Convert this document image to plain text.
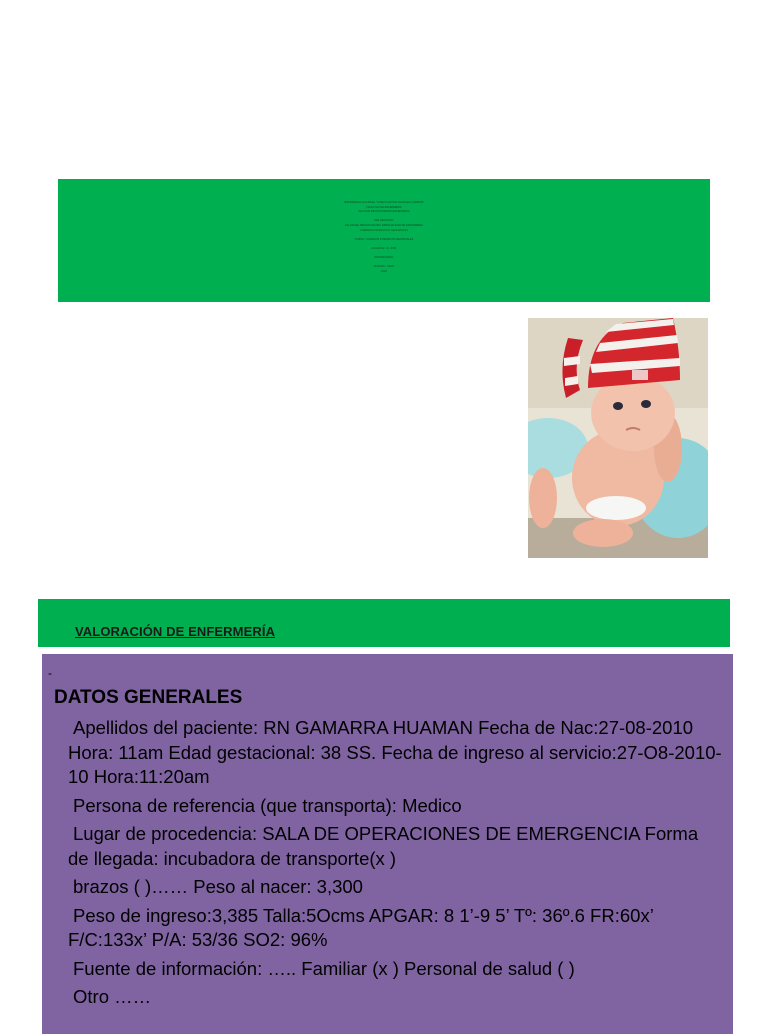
UNIVERSIDAD NACIONAL "JOSE FAUSTINO SANCHEZ CARRION"
FACULTAD DE ENFERMERIA
SECCION DE POSTGRADO ENFERMERIA

PAE NEONATAL
SALUD DEL RECIEN NACIDO: ESPECIALIDAD DE ENFERMERIA
CUIDADOS INTENSIVOS NEONATALES

CURSO: CUIDADOS INTENSIVOS NEONATALES

DOCENTE: LIC. ENF.

INTEGRANTES:

HUACHO - PERU
2010
VALORACIÓN DE ENFERMERÍA
-
DATOS GENERALES
Apellidos del paciente: RN GAMARRA HUAMAN Fecha de Nac:27-08-2010 Hora: 11am Edad gestacional: 38 SS. Fecha de ingreso al servicio:27-O8-2010-10 Hora:11:20am
Persona de referencia (que transporta): Medico
Lugar de procedencia: SALA DE OPERACIONES DE EMERGENCIA Forma de llegada: incubadora de transporte(x )
brazos ( )…… Peso al nacer: 3,300
Peso de ingreso:3,385 Talla:5Ocms APGAR: 8 1’-9 5’ Tº: 36º.6 FR:60x’ F/C:133x’ P/A: 53/36 SO2: 96%
Fuente de información: ….. Familiar (x ) Personal de salud ( )
Otro ……
